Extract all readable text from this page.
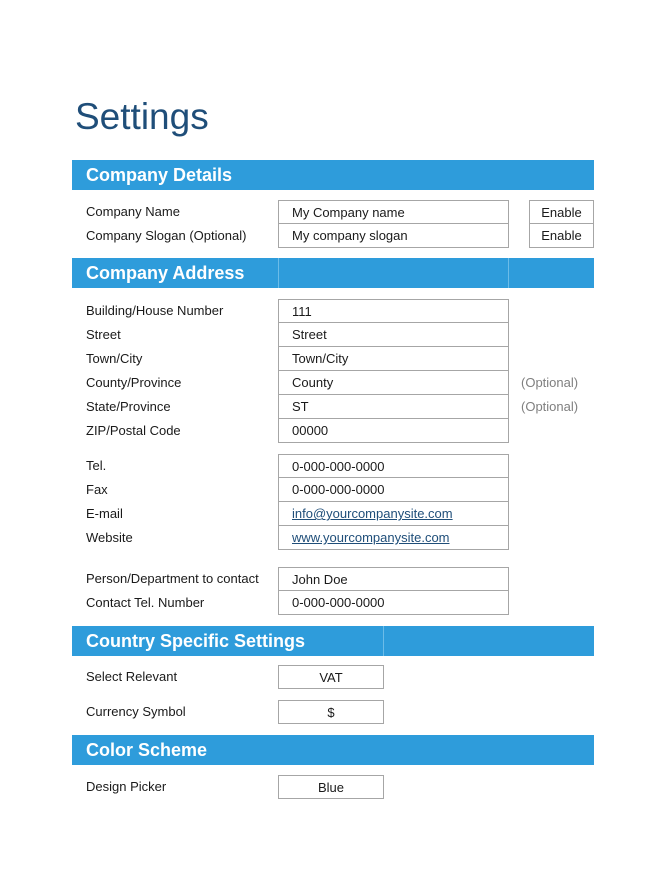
Settings
Company Details
Company Name	My Company name	Enable
Company Slogan (Optional)	My company slogan	Enable
Company Address
Building/House Number	111
Street	Street
Town/City	Town/City
County/Province	County	(Optional)
State/Province	ST	(Optional)
ZIP/Postal Code	00000
Tel.	0-000-000-0000
Fax	0-000-000-0000
E-mail	info@yourcompanysite.com
Website	www.yourcompanysite.com
Person/Department to contact	John Doe
Contact Tel. Number	0-000-000-0000
Country Specific Settings
Select Relevant	VAT
Currency Symbol	$
Color Scheme
Design Picker	Blue
